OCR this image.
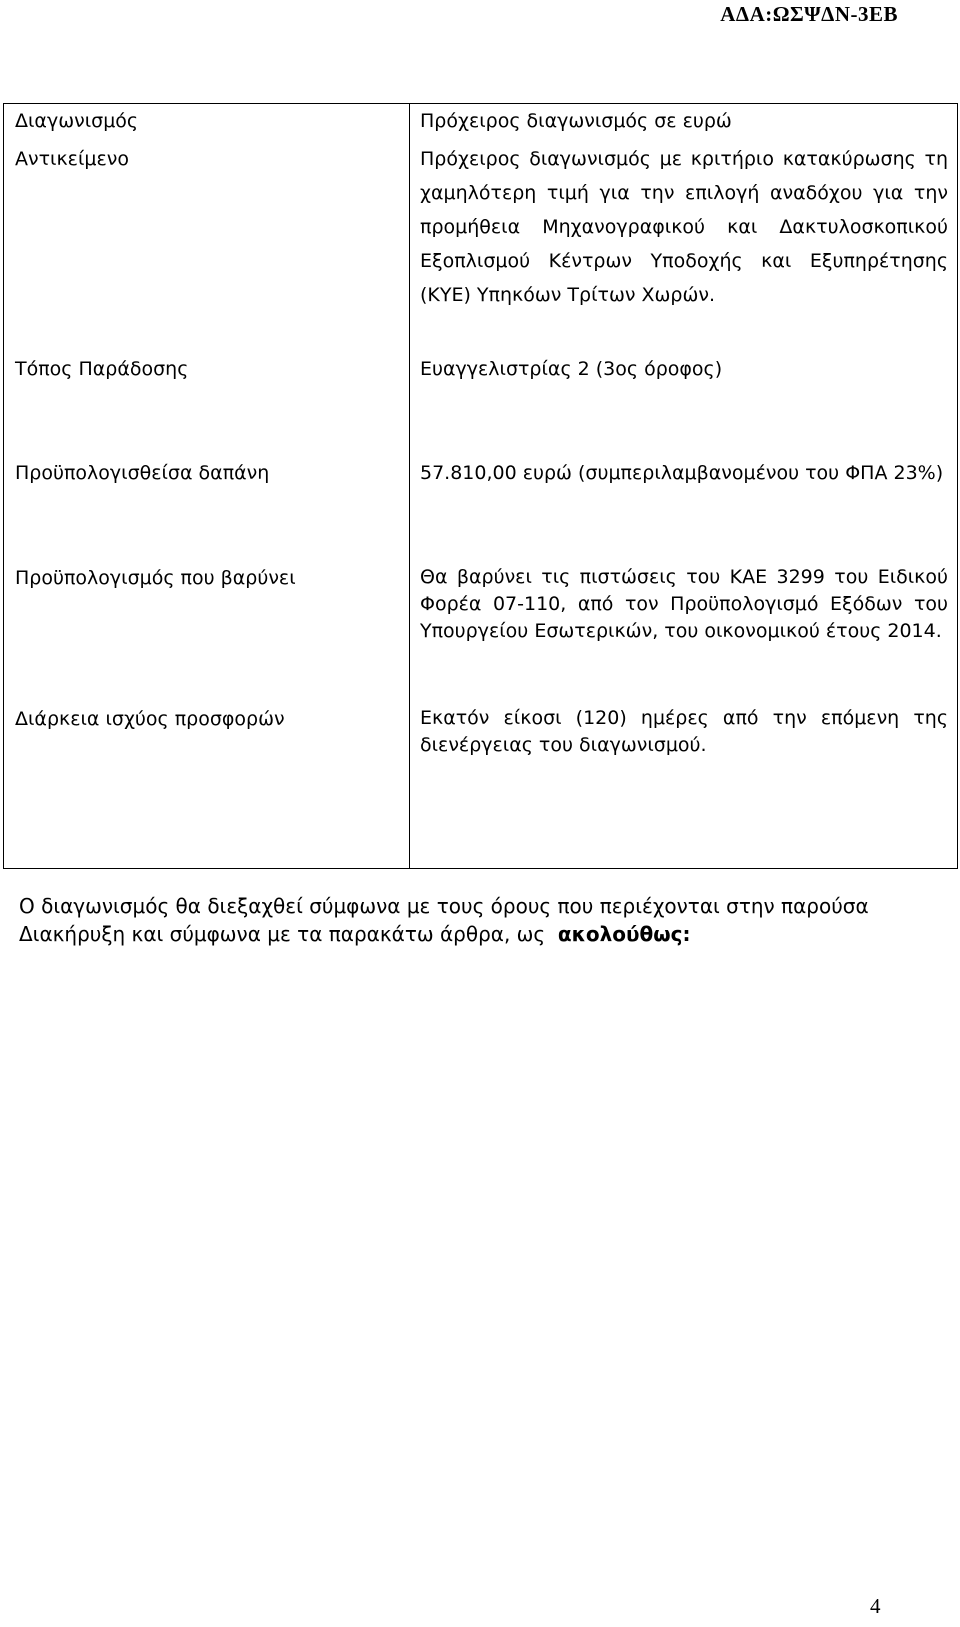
ΑΔΑ:ΩΣΨΔΝ-3ΕΒ
Διαγωνισμός	Πρόχειρος διαγωνισμός σε ευρώ
Αντικείμενο	Πρόχειρος διαγωνισμός με κριτήριο κατακύρωσης τη χαμηλότερη τιμή για την επιλογή αναδόχου για την προμήθεια Μηχανογραφικού και Δακτυλοσκοπικού Εξοπλισμού Κέντρων Υποδοχής και Εξυπηρέτησης (ΚΥΕ) Υπηκόων Τρίτων Χωρών.
Τόπος Παράδοσης	Ευαγγελιστρίας 2 (3ος όροφος)
Προϋπολογισθείσα δαπάνη	57.810,00 ευρώ (συμπεριλαμβανομένου του ΦΠΑ 23%)
Προϋπολογισμός που βαρύνει	Θα βαρύνει τις πιστώσεις του ΚΑΕ 3299 του Ειδικού Φορέα 07-110, από τον Προϋπολογισμό Εξόδων του Υπουργείου Εσωτερικών, του οικονομικού έτους 2014.
Διάρκεια ισχύος προσφορών	Εκατόν είκοσι (120) ημέρες από την επόμενη της διενέργειας του διαγωνισμού.
Ο διαγωνισμός θα διεξαχθεί σύμφωνα με τους όρους που περιέχονται στην παρούσα Διακήρυξη και σύμφωνα με τα παρακάτω άρθρα, ως ακολούθως:
4
